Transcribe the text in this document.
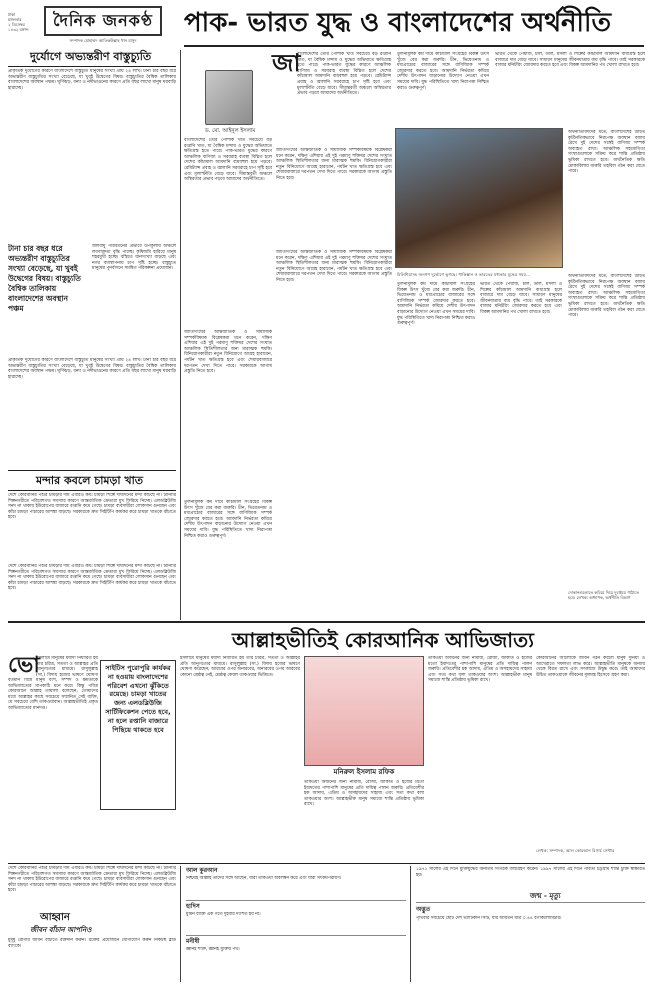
ঢাকা
মঙ্গলবার
২ ডিসেম্বর
১৪৩২ বঙ্গাব্দ	দৈনিক জনকণ্ঠ
সম্পাদক মোহাম্মদ আতিকউল্লাহ খান মাসুদ
পাক- ভারত যুদ্ধ ও বাংলাদেশের অর্থনীতি
দুর্যোগে অভ্যন্তরীণ বাস্তুচ্যুতি
প্রাকৃতিক দুর্যোগের কারণে বাংলাদেশে বাস্তুচ্যুত মানুষের সংখ্যা প্রায় ২৪ লাখ। টানা চার বছর ধরে অভ্যন্তরীণ বাস্তুচ্যুতির সংখ্যা বেড়েছে, যা খুবই উদ্বেগের বিষয়। বাস্তুচ্যুতির বৈশ্বিক তালিকায় বাংলাদেশের অবস্থান পঞ্চম। ঘূর্ণিঝড়, বন্যা ও নদীভাঙনের কারণে প্রতি বছর লাখো মানুষ ঘরবাড়ি হারাচ্ছে।
টানা চার বছর ধরে অভ্যন্তরীণ বাস্তুচ্যুতির সংখ্যা বেড়েছে, যা খুবই উদ্বেগের বিষয়। বাস্তুচ্যুতি বৈশ্বিক তালিকায় বাংলাদেশের অবস্থান পঞ্চম
জলবায়ু পরিবর্তনের প্রভাবে উপকূলীয় অঞ্চলে লবণাক্ততা বৃদ্ধি পাচ্ছে। কৃষিজমি হারিয়ে মানুষ শহরমুখী হচ্ছে। বস্তিতে জনসংখ্যা বাড়ছে এবং নগর ব্যবস্থাপনায় চাপ সৃষ্টি হচ্ছে। বাস্তুচ্যুত মানুষের পুনর্বাসনে সমন্বিত পরিকল্পনা প্রয়োজন।
প্রাকৃতিক দুর্যোগের কারণে বাংলাদেশে বাস্তুচ্যুত মানুষের সংখ্যা প্রায় ২৪ লাখ। টানা চার বছর ধরে অভ্যন্তরীণ বাস্তুচ্যুতির সংখ্যা বেড়েছে, যা খুবই উদ্বেগের বিষয়। বাস্তুচ্যুতির বৈশ্বিক তালিকায় বাংলাদেশের অবস্থান পঞ্চম। ঘূর্ণিঝড়, বন্যা ও নদীভাঙনের কারণে প্রতি বছর লাখো মানুষ ঘরবাড়ি হারাচ্ছে।
মন্দার কবলে চামড়া খাত
দেশে কোরবানির পশুর চামড়ার দাম এবারও কম। চামড়া শিল্পে দীর্ঘদিনের মন্দা কাটছে না। ট্যানারি শিল্পনগরীতে পরিবেশগত সমস্যার কারণে আন্তর্জাতিক ক্রেতারা মুখ ফিরিয়ে নিচ্ছে। এলডব্লিউজি সনদ না থাকায় ইউরোপের বাজারে রপ্তানি কমে গেছে। চামড়া ব্যবসায়ীরা লোকসান গুনছেন এবং কাঁচা চামড়া পাচারের আশঙ্কা বাড়ছে। সরকারকে দ্রুত সিইটিপি কার্যকর করে চামড়া খাতকে বাঁচাতে হবে।
দেশে কোরবানির পশুর চামড়ার দাম এবারও কম। চামড়া শিল্পে দীর্ঘদিনের মন্দা কাটছে না। ট্যানারি শিল্পনগরীতে পরিবেশগত সমস্যার কারণে আন্তর্জাতিক ক্রেতারা মুখ ফিরিয়ে নিচ্ছে। এলডব্লিউজি সনদ না থাকায় ইউরোপের বাজারে রপ্তানি কমে গেছে। চামড়া ব্যবসায়ীরা লোকসান গুনছেন এবং কাঁচা চামড়া পাচারের আশঙ্কা বাড়ছে। সরকারকে দ্রুত সিইটিপি কার্যকর করে চামড়া খাতকে বাঁচাতে হবে।
ড. মো. আইনুল ইসলাম
বাংলাদেশের তৈরি পোশাক খাত সবচেয়ে বড় রপ্তানি খাত, যা বৈশ্বিক মন্দায় ও যুদ্ধের অভিঘাতে ক্ষতিগ্রস্ত হতে পারে। পাক-ভারত যুদ্ধের কারণে আঞ্চলিক বাণিজ্য ও সরবরাহ ব্যবস্থা বিঘ্নিত হলে দেশের কাঁচামাল আমদানি ব্যয়বহুল হয়ে পড়বে। রেমিট্যান্স প্রবাহ ও জ্বালানি সরবরাহে চাপ সৃষ্টি হবে এবং মূল্যস্ফীতি বেড়ে যাবে। সীমান্তবর্তী অঞ্চলে অস্থিরতার প্রভাব পড়বে আমাদের অর্থনীতিতে।
জাতিসংঘের আন্তর্জাতিক ও সামাজিক সম্পর্কবিষয়ক বিশ্লেষকরা মনে করেন, দক্ষিণ এশিয়ার এই দুই পরমাণু শক্তিধর দেশের সংঘাত আঞ্চলিক স্থিতিশীলতার জন্য মারাত্মক হুমকি। বিনিয়োগকারীরা নতুন বিনিয়োগে আগ্রহ হারাবেন, পর্যটন খাত ক্ষতিগ্রস্ত হবে এবং শেয়ারবাজারে দরপতন দেখা দিতে পারে। সরকারকে আগাম প্রস্তুতি নিতে হবে।
তুলনামূলক কম দামে কাঁচামাল সংগ্রহের বিকল্প উৎস খুঁজে বের করা জরুরি। চীন, ভিয়েতনাম ও মধ্যপ্রাচ্যের বাজারের সঙ্গে বাণিজ্যিক সম্পর্ক জোরদার করতে হবে। আমদানি নির্ভরতা কমিয়ে দেশীয় উৎপাদন বাড়ানোর উদ্যোগ নেওয়া এখন সময়ের দাবি। যুদ্ধ পরিস্থিতিতে খাদ্য নিরাপত্তা নিশ্চিত করাও গুরুত্বপূর্ণ।
বাংলাদেশের তৈরি পোশাক খাত সবচেয়ে বড় রপ্তানি খাত, যা বৈশ্বিক মন্দায় ও যুদ্ধের অভিঘাতে ক্ষতিগ্রস্ত হতে পারে। পাক-ভারত যুদ্ধের কারণে আঞ্চলিক বাণিজ্য ও সরবরাহ ব্যবস্থা বিঘ্নিত হলে দেশের কাঁচামাল আমদানি ব্যয়বহুল হয়ে পড়বে। রেমিট্যান্স প্রবাহ ও জ্বালানি সরবরাহে চাপ সৃষ্টি হবে এবং মূল্যস্ফীতি বেড়ে যাবে। সীমান্তবর্তী অঞ্চলে অস্থিরতার প্রভাব পড়বে আমাদের অর্থনীতিতে।
জা
জাতিসংঘের আন্তর্জাতিক ও সামাজিক সম্পর্কবিষয়ক বিশ্লেষকরা মনে করেন, দক্ষিণ এশিয়ার এই দুই পরমাণু শক্তিধর দেশের সংঘাত আঞ্চলিক স্থিতিশীলতার জন্য মারাত্মক হুমকি। বিনিয়োগকারীরা নতুন বিনিয়োগে আগ্রহ হারাবেন, পর্যটন খাত ক্ষতিগ্রস্ত হবে এবং শেয়ারবাজারে দরপতন দেখা দিতে পারে। সরকারকে আগাম প্রস্তুতি নিতে হবে।
তুলনামূলক কম দামে কাঁচামাল সংগ্রহের বিকল্প উৎস খুঁজে বের করা জরুরি। চীন, ভিয়েতনাম ও মধ্যপ্রাচ্যের বাজারের সঙ্গে বাণিজ্যিক সম্পর্ক জোরদার করতে হবে। আমদানি নির্ভরতা কমিয়ে দেশীয় উৎপাদন বাড়ানোর উদ্যোগ নেওয়া এখন সময়ের দাবি। যুদ্ধ পরিস্থিতিতে খাদ্য নিরাপত্তা নিশ্চিত করাও গুরুত্বপূর্ণ।
মিলিশিয়াসহ জনগণ দুর্ভোগে ভুগছে। পাকিস্তান ও ভারতের মধ্যকার যুদ্ধের সময়...
ভারত থেকে পেঁয়াজ, চাল, ডাল, মসলা ও শিল্পের কাঁচামাল আমদানি বাধাগ্রস্ত হলে বাজারে দাম বেড়ে যাবে। সাধারণ মানুষের জীবনযাত্রার ব্যয় বৃদ্ধি পাবে। তাই সরকারকে বাজার মনিটরিং জোরদার করতে হবে এবং বিকল্প আমদানির পথ খোলা রাখতে হবে।
অর্থনীতিবিদদের মতে, বাংলাদেশের উচিত কূটনৈতিকভাবে নিরপেক্ষ অবস্থান বজায় রেখে দুই দেশের সঙ্গেই বাণিজ্য সম্পর্ক অব্যাহত রাখা। আঞ্চলিক সহযোগিতা সংস্থাগুলোকে সক্রিয় করে শান্তি প্রতিষ্ঠায় ভূমিকা রাখতে হবে। অর্থনৈতিক ক্ষতি মোকাবিলায় জরুরি তহবিল গঠন করা যেতে পারে।
জাতিসংঘের আন্তর্জাতিক ও সামাজিক সম্পর্কবিষয়ক বিশ্লেষকরা মনে করেন, দক্ষিণ এশিয়ার এই দুই পরমাণু শক্তিধর দেশের সংঘাত আঞ্চলিক স্থিতিশীলতার জন্য মারাত্মক হুমকি। বিনিয়োগকারীরা নতুন বিনিয়োগে আগ্রহ হারাবেন, পর্যটন খাত ক্ষতিগ্রস্ত হবে এবং শেয়ারবাজারে দরপতন দেখা দিতে পারে। সরকারকে আগাম প্রস্তুতি নিতে হবে।
তুলনামূলক কম দামে কাঁচামাল সংগ্রহের বিকল্প উৎস খুঁজে বের করা জরুরি। চীন, ভিয়েতনাম ও মধ্যপ্রাচ্যের বাজারের সঙ্গে বাণিজ্যিক সম্পর্ক জোরদার করতে হবে। আমদানি নির্ভরতা কমিয়ে দেশীয় উৎপাদন বাড়ানোর উদ্যোগ নেওয়া এখন সময়ের দাবি। যুদ্ধ পরিস্থিতিতে খাদ্য নিরাপত্তা নিশ্চিত করাও গুরুত্বপূর্ণ।
ভারত থেকে পেঁয়াজ, চাল, ডাল, মসলা ও শিল্পের কাঁচামাল আমদানি বাধাগ্রস্ত হলে বাজারে দাম বেড়ে যাবে। সাধারণ মানুষের জীবনযাত্রার ব্যয় বৃদ্ধি পাবে। তাই সরকারকে বাজার মনিটরিং জোরদার করতে হবে এবং বিকল্প আমদানির পথ খোলা রাখতে হবে।
অর্থনীতিবিদদের মতে, বাংলাদেশের উচিত কূটনৈতিকভাবে নিরপেক্ষ অবস্থান বজায় রেখে দুই দেশের সঙ্গেই বাণিজ্য সম্পর্ক অব্যাহত রাখা। আঞ্চলিক সহযোগিতা সংস্থাগুলোকে সক্রিয় করে শান্তি প্রতিষ্ঠায় ভূমিকা রাখতে হবে। অর্থনৈতিক ক্ষতি মোকাবিলায় জরুরি তহবিল গঠন করা যেতে পারে।
দোকানগুলোতে কমিয়ে দিয়ে দুবাইয়ে পাঠাতে হবে। লেখক: অধ্যাপক, অর্থনীতি বিভাগ
আল্লাহভীতিই কোরআনিক আভিজাত্য
ভো
বর্তমান বিশ্বে মানুষ বংশ, সম্পদ ও ক্ষমতাকে আভিজাত্যের মাপকাঠি মনে করে। কিন্তু পবিত্র কোরআনে আল্লাহ তায়ালা বলেছেন, তোমাদের মধ্যে আল্লাহর কাছে সবচেয়ে সম্মানিত সেই ব্যক্তি, যে সবচেয়ে বেশি তাকওয়াবান। আল্লাহভীতিই প্রকৃত আভিজাত্যের মানদণ্ড।
ইসলামে মানুষের মর্যাদা নির্ধারিত হয় তার চরিত্র, সততা ও আল্লাহর প্রতি আনুগত্যের মাধ্যমে। রাসুলুল্লাহ (সা.) বিদায় হজের ভাষণে ঘোষণা
সাইটিস পুরোপুরি কার্যকর না হওয়ায় বাংলাদেশের পরিবেশ এখনো ঝুঁকিতে রয়েছে। চামড়া খাতের জন্য এলডব্লিউজি সার্টিফিকেশন পেতে হবে, না হলে রপ্তানি বাজারে পিছিয়ে থাকতে হবে
ইসলামে মানুষের মর্যাদা নির্ধারিত হয় তার চরিত্র, সততা ও আল্লাহর প্রতি আনুগত্যের মাধ্যমে। রাসুলুল্লাহ (সা.) বিদায় হজের ভাষণে ঘোষণা করেছেন, আরবের ওপর অনারবের, অনারবের ওপর আরবের কোনো শ্রেষ্ঠত্ব নেই, শ্রেষ্ঠত্ব কেবল তাকওয়ার ভিত্তিতে।
মনিরুল ইসলাম রফিক
তাকওয়া অর্জনের জন্য নামাজ, রোজা, জাকাত ও হজের মতো ইবাদতের পাশাপাশি মানুষের প্রতি দায়িত্ব পালন জরুরি। প্রতিবেশীর হক আদায়, এতিম ও অসহায়দের সাহায্য এবং সত্য কথা বলা তাকওয়ার অংশ। আল্লাহভীরু মানুষ সমাজে শান্তি প্রতিষ্ঠায় ভূমিকা রাখে।
তাকওয়া অর্জনের জন্য নামাজ, রোজা, জাকাত ও হজের মতো ইবাদতের পাশাপাশি মানুষের প্রতি দায়িত্ব পালন জরুরি। প্রতিবেশীর হক আদায়, এতিম ও অসহায়দের সাহায্য এবং সত্য কথা বলা তাকওয়ার অংশ। আল্লাহভীরু মানুষ সমাজে শান্তি প্রতিষ্ঠায় ভূমিকা রাখে।
কোরআনের আলোকে জীবন গঠন করলে মানুষ দুনিয়া ও আখেরাতে সফলতা লাভ করে। আল্লাহভীতি মানুষকে অন্যায় থেকে বিরত রাখে এবং সৎকাজে উদ্বুদ্ধ করে। তাই আমাদের উচিত তাকওয়াকে জীবনের মূলমন্ত্র হিসেবে গ্রহণ করা।
লেখক: সম্পাদক, আল কোরআন রিসার্চ সেন্টার
আহ্বান
জীবন বাঁচান আপনিও
মুমূর্ষু রোগীর জীবন বাঁচাতে রক্তদান করুন। রক্তের প্রয়োজনে যোগাযোগ করুন নিকটস্থ ব্লাড ব্যাংকে।
দেশে কোরবানির পশুর চামড়ার দাম এবারও কম। চামড়া শিল্পে দীর্ঘদিনের মন্দা কাটছে না। ট্যানারি শিল্পনগরীতে পরিবেশগত সমস্যার কারণে আন্তর্জাতিক ক্রেতারা মুখ ফিরিয়ে নিচ্ছে। এলডব্লিউজি সনদ না থাকায় ইউরোপের বাজারে রপ্তানি কমে গেছে। চামড়া ব্যবসায়ীরা লোকসান গুনছেন এবং কাঁচা চামড়া পাচারের আশঙ্কা বাড়ছে। সরকারকে দ্রুত সিইটিপি কার্যকর করে চামড়া খাতকে বাঁচাতে হবে।
আল কুরআন
নিশ্চয়ই আল্লাহ তাদের সঙ্গে আছেন, যারা তাকওয়া অবলম্বন করে এবং যারা সৎকর্মপরায়ণ।
হাদিস
মুমিন ব্যক্তি এক গর্তে দুইবার দংশিত হয় না।
মনীষী
জ্ঞানই শক্তি, জ্ঞানই মুক্তির পথ।
১৯৭১ সালের এই দিনে মুক্তিযুদ্ধের অন্যতম সংগঠক জন্মগ্রহণ করেন। ১৯৯৭ সালের এই দিনে পার্বত্য চট্টগ্রাম শান্তি চুক্তি স্বাক্ষরিত হয়।
জন্ম - মৃত্যু
অদ্ভুত
পৃথিবীর সবচেয়ে ছোট দেশ ভ্যাটিকান সিটি, যার আয়তন মাত্র ০.৪৪ বর্গকিলোমিটার।
